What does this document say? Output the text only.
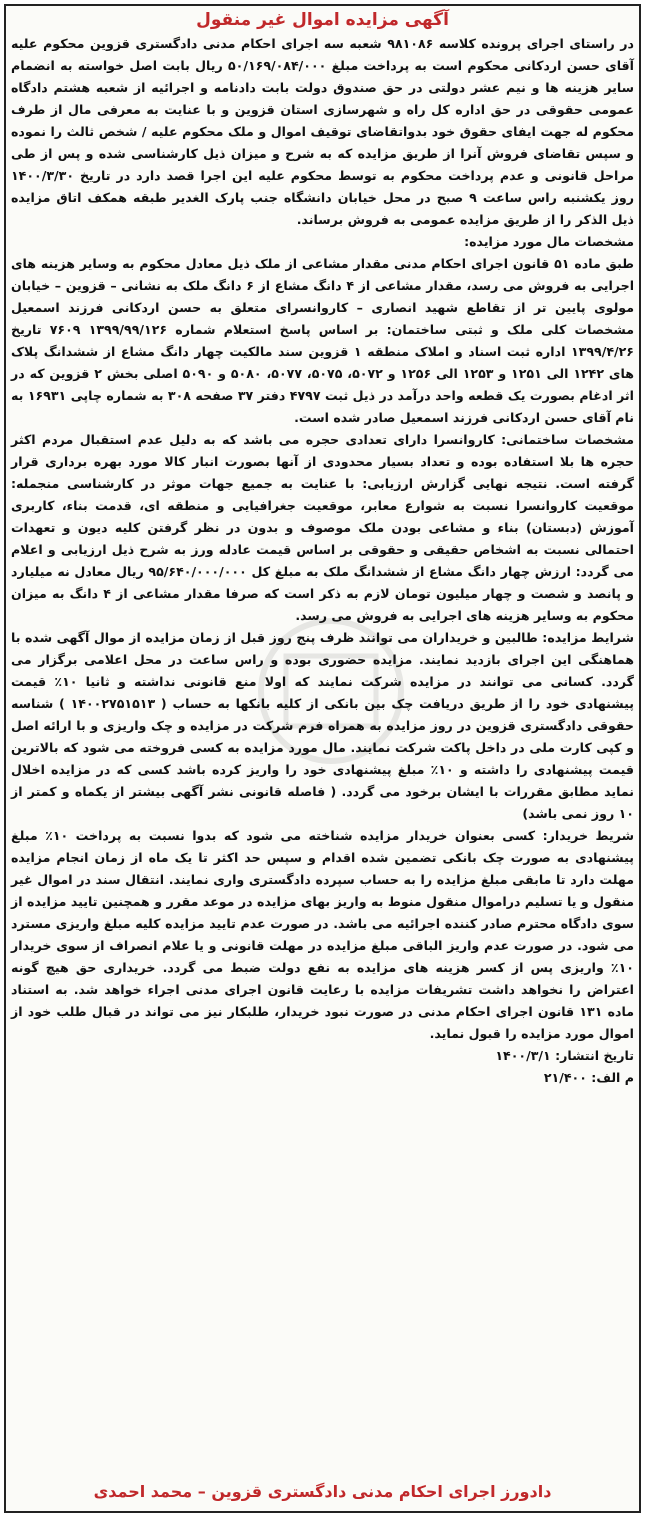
آگهی مزایده اموال غیر منقول

در راستای اجرای پرونده کلاسه ۹۸۱۰۸۶ شعبه سه اجرای احکام مدنی دادگستری قزوین محکوم علیه آقای حسن اردکانی محکوم است به پرداخت مبلغ ۵۰/۱۶۹/۰۸۴/۰۰۰ ریال بابت اصل خواسته به انضمام سایر هزینه ها و نیم عشر دولتی در حق صندوق دولت بابت دادنامه و اجرائیه از شعبه هشتم دادگاه عمومی حقوقی در حق اداره کل راه و شهرسازی استان قزوین و با عنایت به معرفی مال از طرف محکوم له جهت ایفای حقوق خود بدواتقاضای توقیف اموال و ملک محکوم علیه / شخص ثالث را نموده و سپس تقاضای فروش آنرا از طریق مزایده که به شرح و میزان ذیل کارشناسی شده و پس از طی مراحل قانونی و عدم پرداخت محکوم به توسط محکوم علیه این اجرا قصد دارد در تاریخ ۱۴۰۰/۳/۳۰ روز یکشنبه راس ساعت ۹ صبح در محل خیابان دانشگاه جنب پارک الغدیر طبقه همکف اتاق مزایده ذیل الذکر را از طریق مزایده عمومی به فروش برساند.

مشخصات مال مورد مزایده:

طبق ماده ۵۱ قانون اجرای احکام مدنی مقدار مشاعی از ملک ذیل معادل محکوم به وسایر هزینه های اجرایی به فروش می رسد، مقدار مشاعی از ۴ دانگ مشاع از ۶ دانگ ملک به نشانی – قزوین – خیابان مولوی پایین تر از تقاطع شهید انصاری – کاروانسرای متعلق به حسن اردکانی فرزند اسمعیل مشخصات کلی ملک و ثبتی ساختمان: بر اساس پاسخ استعلام شماره ۱۳۹۹/۹۹/۱۲۶ ۷۶۰۹ تاریخ ۱۳۹۹/۴/۲۶ اداره ثبت اسناد و املاک منطقه ۱ قزوین سند مالکیت چهار دانگ مشاع از ششدانگ پلاک های ۱۲۴۲ الی ۱۲۵۱ و ۱۲۵۳ الی ۱۲۵۶ و ۵۰۷۲، ۵۰۷۵، ۵۰۷۷، ۵۰۸۰ و ۵۰۹۰ اصلی بخش ۲ قزوین که در اثر ادغام بصورت یک قطعه واحد درآمد در ذیل ثبت ۴۷۹۷ دفتر ۳۷ صفحه ۳۰۸ به شماره چاپی ۱۶۹۳۱ به نام آقای حسن اردکانی فرزند اسمعیل صادر شده است.

مشخصات ساختمانی: کاروانسرا دارای تعدادی حجره می باشد که به دلیل عدم استقبال مردم اکثر حجره ها بلا استفاده بوده و تعداد بسیار محدودی از آنها بصورت انبار کالا مورد بهره برداری قرار گرفته است. نتیجه نهایی گزارش ارزیابی: با عنایت به جمیع جهات موثر در کارشناسی منجمله: موقعیت کاروانسرا نسبت به شوارع معابر، موقعیت جغرافیایی و منطقه ای، قدمت بناء، کاربری آموزش (دبستان) بناء و مشاعی بودن ملک موصوف و بدون در نظر گرفتن کلیه دیون و تعهدات احتمالی نسبت به اشخاص حقیقی و حقوقی بر اساس قیمت عادله ورز به شرح ذیل ارزیابی و اعلام می گردد: ارزش چهار دانگ مشاع از ششدانگ ملک به مبلغ کل ۹۵/۶۴۰/۰۰۰/۰۰۰ ریال معادل نه میلیارد و پانصد و شصت و چهار میلیون تومان لازم به ذکر است که صرفا مقدار مشاعی از ۴ دانگ به میزان محکوم به وسایر هزینه های اجرایی به فروش می رسد.

شرایط مزایده: طالبین و خریداران می توانند ظرف پنج روز قبل از زمان مزایده از موال آگهی شده با هماهنگی این اجرای بازدید نمایند. مزایده حضوری بوده و راس ساعت در محل اعلامی برگزار می گردد. کسانی می توانند در مزایده شرکت نمایند که اولا منع قانونی نداشته و ثانیا ۱۰٪ قیمت پیشنهادی خود را از طریق دریافت چک بین بانکی از کلیه بانکها به حساب ( ۱۴۰۰۲۷۵۱۵۱۳ ) شناسه حقوقی دادگستری قزوین در روز مزایده به همراه فرم شرکت در مزایده و چک واریزی و با ارائه اصل و کپی کارت ملی در داخل پاکت شرکت نمایند. مال مورد مزایده به کسی فروخته می شود که بالاترین قیمت پیشنهادی را داشته و ۱۰٪ مبلغ پیشنهادی خود را واریز کرده باشد کسی که در مزایده اخلال نماید مطابق مقررات با ایشان برخود می گردد. ( فاصله قانونی نشر آگهی بیشتر از یکماه و کمتر از ۱۰ روز نمی باشد)

شریط خریدار: کسی بعنوان خریدار مزایده شناخته می شود که بدوا نسبت به پرداخت ۱۰٪ مبلغ پیشنهادی به صورت چک بانکی تضمین شده اقدام و سپس حد اکثر تا یک ماه از زمان انجام مزایده مهلت دارد تا مابقی مبلغ مزایده را به حساب سپرده دادگستری واری نمایند. انتقال سند در اموال غیر منقول و یا تسلیم دراموال منقول منوط به واریز بهای مزایده در موعد مقرر و همچنین تایید مزایده از سوی دادگاه محترم صادر کننده اجرائیه می باشد. در صورت عدم تایید مزایده کلیه مبلغ واریزی مسترد می شود. در صورت عدم واریز الباقی مبلغ مزایده در مهلت قانونی و یا علام انصراف از سوی خریدار ۱۰٪ واریزی پس از کسر هزینه های مزایده به نفع دولت ضبط می گردد. خریداری حق هیچ گونه اعتراض را نخواهد داشت تشریفات مزایده با رعایت قانون اجرای مدنی اجراء خواهد شد. به استناد ماده ۱۳۱ قانون اجرای احکام مدنی در صورت نبود خریدار، طلبکار نیز می تواند در قبال طلب خود از اموال مورد مزایده را قبول نماید.

تاریخ انتشار: ۱۴۰۰/۳/۱

م الف: ۲۱/۴۰۰

دادورز اجرای احکام مدنی دادگستری قزوین – محمد احمدی
